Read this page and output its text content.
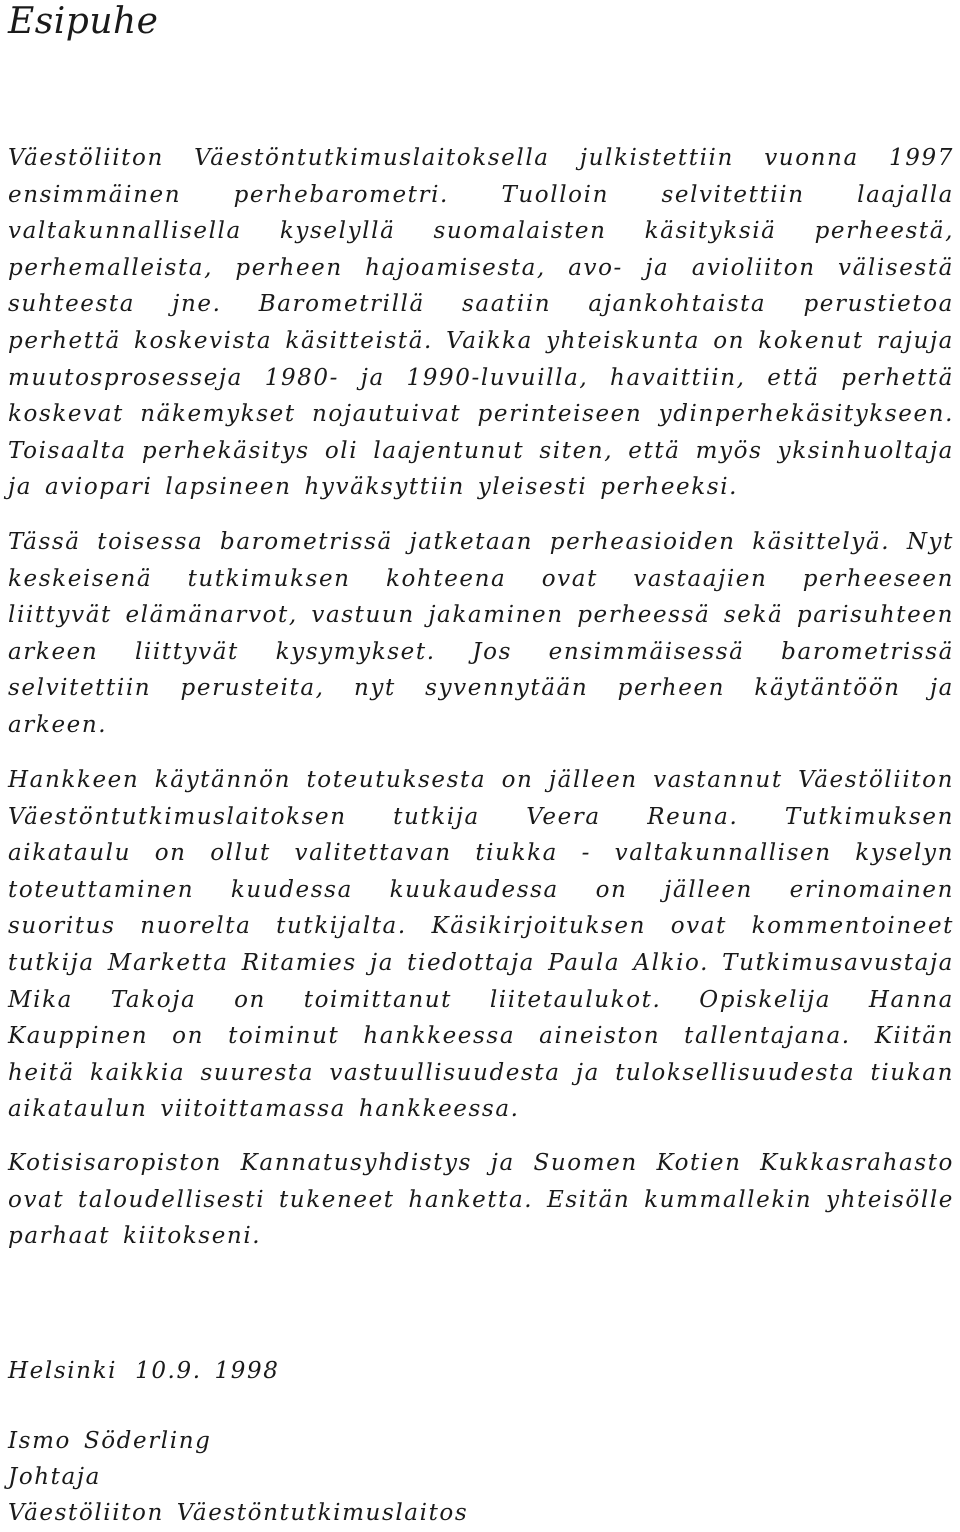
Esipuhe

Väestöliiton Väestöntutkimuslaitoksella julkistettiin vuonna 1997 ensimmäinen perhebarometri. Tuolloin selvitettiin laajalla valtakunnallisella kyselyllä suomalaisten käsityksiä perheestä, perhemalleista, perheen hajoamisesta, avo- ja avioliiton välisestä suhteesta jne. Barometrillä saatiin ajankohtaista perustietoa perhettä koskevista käsitteistä. Vaikka yhteiskunta on kokenut rajuja muutosprosesseja 1980- ja 1990-luvuilla, havaittiin, että perhettä koskevat näkemykset nojautuivat perinteiseen ydinperhekäsitykseen. Toisaalta perhekäsitys oli laajentunut siten, että myös yksinhuoltaja ja aviopari lapsineen hyväksyttiin yleisesti perheeksi.

Tässä toisessa barometrissä jatketaan perheasioiden käsittelyä. Nyt keskeisenä tutkimuksen kohteena ovat vastaajien perheeseen liittyvät elämänarvot, vastuun jakaminen perheessä sekä parisuhteen arkeen liittyvät kysymykset. Jos ensimmäisessä barometrissä selvitettiin perusteita, nyt syvennytään perheen käytäntöön ja arkeen.

Hankkeen käytännön toteutuksesta on jälleen vastannut Väestöliiton Väestöntutkimuslaitoksen tutkija Veera Reuna. Tutkimuksen aikataulu on ollut valitettavan tiukka - valtakunnallisen kyselyn toteuttaminen kuudessa kuukaudessa on jälleen erinomainen suoritus nuorelta tutkijalta. Käsikirjoituksen ovat kommentoineet tutkija Marketta Ritamies ja tiedottaja Paula Alkio. Tutkimusavustaja Mika Takoja on toimittanut liitetaulukot. Opiskelija Hanna Kauppinen on toiminut hankkeessa aineiston tallentajana. Kiitän heitä kaikkia suuresta vastuullisuudesta ja tuloksellisuudesta tiukan aikataulun viitoittamassa hankkeessa.

Kotisisaropiston Kannatusyhdistys ja Suomen Kotien Kukkasrahasto ovat taloudellisesti tukeneet hanketta. Esitän kummallekin yhteisölle parhaat kiitokseni.

Helsinki 10.9. 1998
Ismo Söderling
Johtaja
Väestöliiton Väestöntutkimuslaitos
